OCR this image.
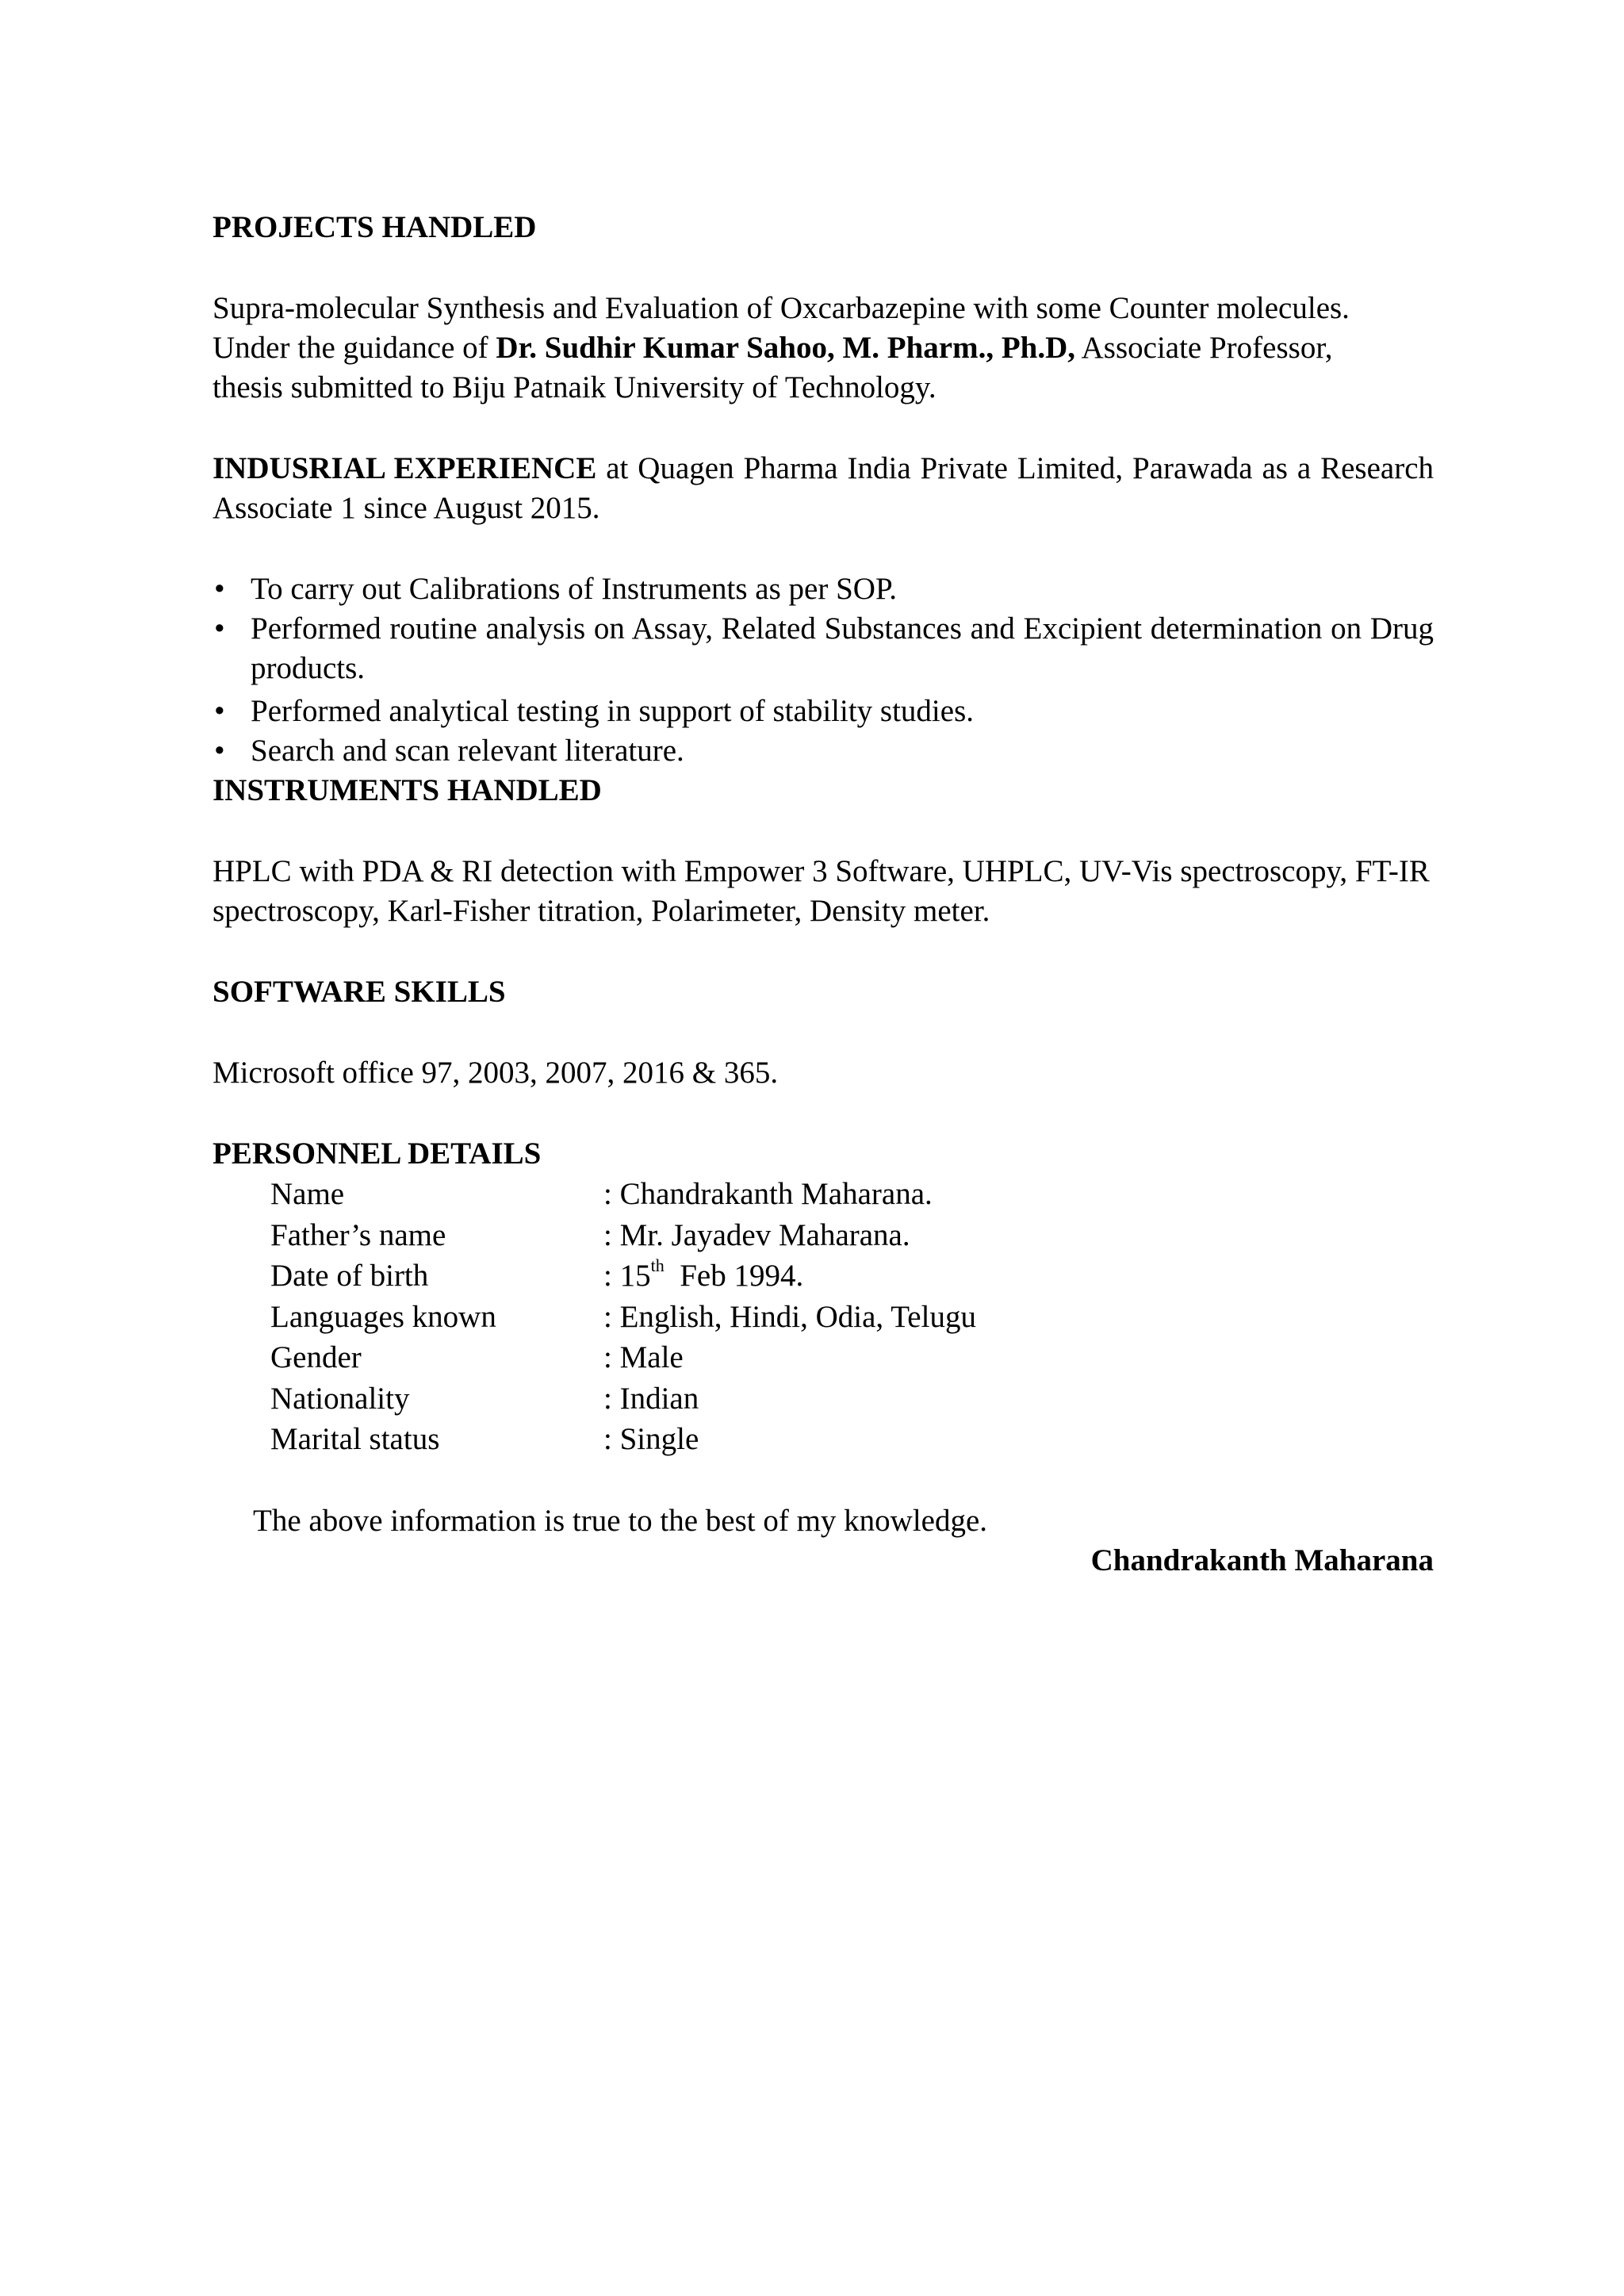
PROJECTS HANDLED
Supra-molecular Synthesis and Evaluation of Oxcarbazepine with some Counter molecules.
Under the guidance of Dr. Sudhir Kumar Sahoo, M. Pharm., Ph.D, Associate Professor,
thesis submitted to Biju Patnaik University of Technology.

INDUSRIAL EXPERIENCE at Quagen Pharma India Private Limited, Parawada as a Research Associate 1 since August 2015.

• To carry out Calibrations of Instruments as per SOP.
• Performed routine analysis on Assay, Related Substances and Excipient determination on Drug products.
• Performed analytical testing in support of stability studies.
• Search and scan relevant literature.
INSTRUMENTS HANDLED

HPLC with PDA & RI detection with Empower 3 Software, UHPLC, UV-Vis spectroscopy, FT-IR spectroscopy, Karl-Fisher titration, Polarimeter, Density meter.

SOFTWARE SKILLS

Microsoft office 97, 2003, 2007, 2016 & 365.

PERSONNEL DETAILS
Name	: Chandrakanth Maharana.
Father’s name	: Mr. Jayadev Maharana.
Date of birth	: 15th  Feb 1994.
Languages known	: English, Hindi, Odia, Telugu
Gender	: Male
Nationality	: Indian
Marital status	: Single

The above information is true to the best of my knowledge.

Chandrakanth Maharana
